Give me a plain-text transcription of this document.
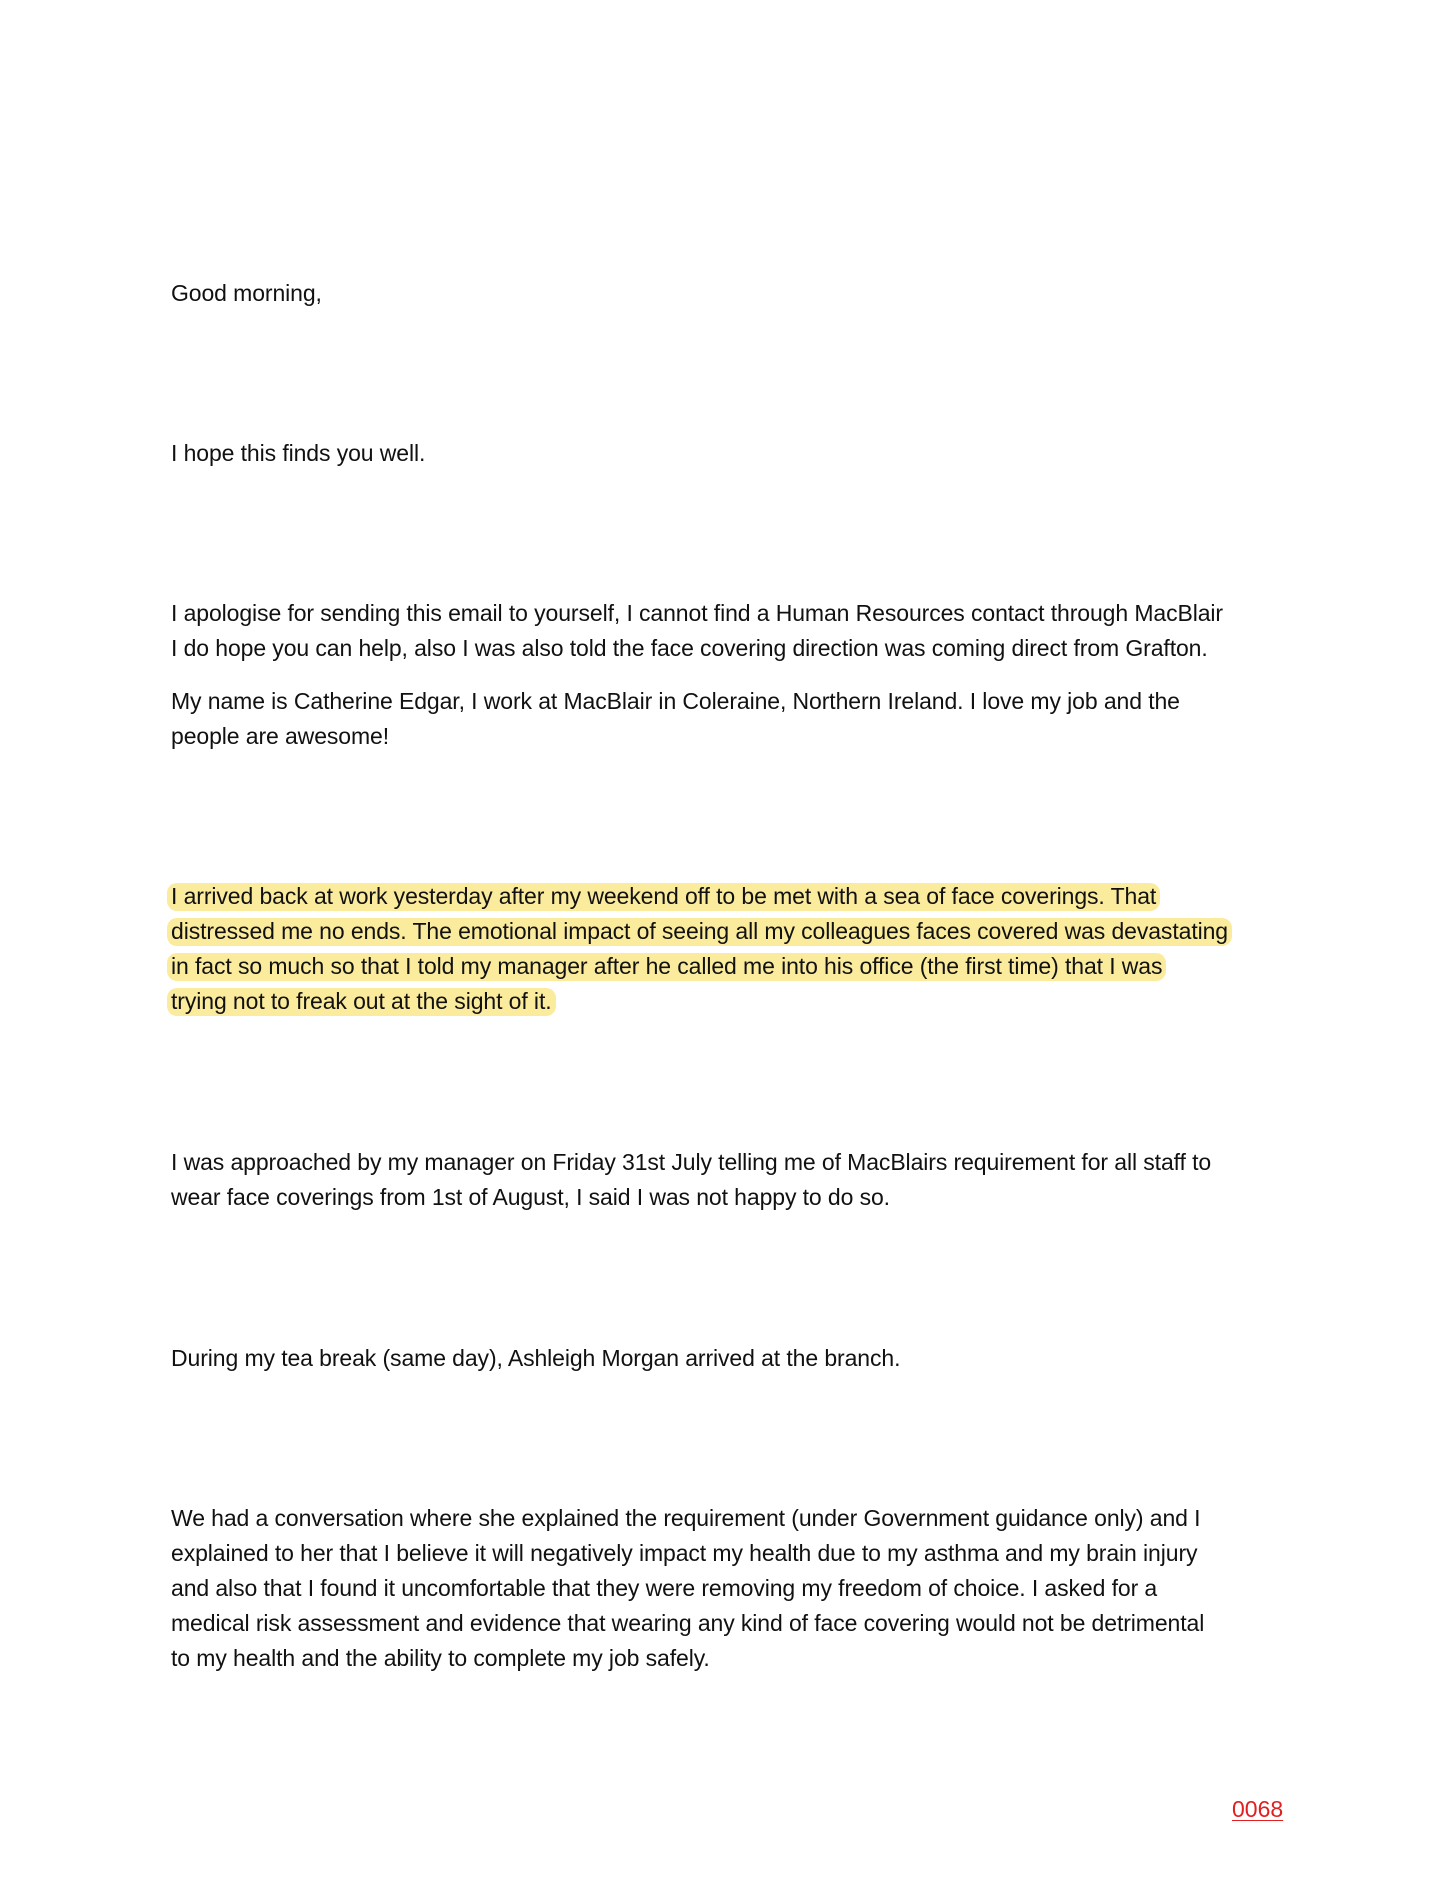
Good morning,

I hope this finds you well.

I apologise for sending this email to yourself, I cannot find a Human Resources contact through MacBlair
I do hope you can help, also I was also told the face covering direction was coming direct from Grafton.

My name is Catherine Edgar, I work at MacBlair in Coleraine, Northern Ireland. I love my job and the
people are awesome!

I arrived back at work yesterday after my weekend off to be met with a sea of face coverings. That
distressed me no ends. The emotional impact of seeing all my colleagues faces covered was devastating
in fact so much so that I told my manager after he called me into his office (the first time) that I was
trying not to freak out at the sight of it.

I was approached by my manager on Friday 31st July telling me of MacBlairs requirement for all staff to
wear face coverings from 1st of August, I said I was not happy to do so.

During my tea break (same day), Ashleigh Morgan arrived at the branch.

We had a conversation where she explained the requirement (under Government guidance only) and I
explained to her that I believe it will negatively impact my health due to my asthma and my brain injury
and also that I found it uncomfortable that they were removing my freedom of choice. I asked for a
medical risk assessment and evidence that wearing any kind of face covering would not be detrimental
to my health and the ability to complete my job safely.

0068
